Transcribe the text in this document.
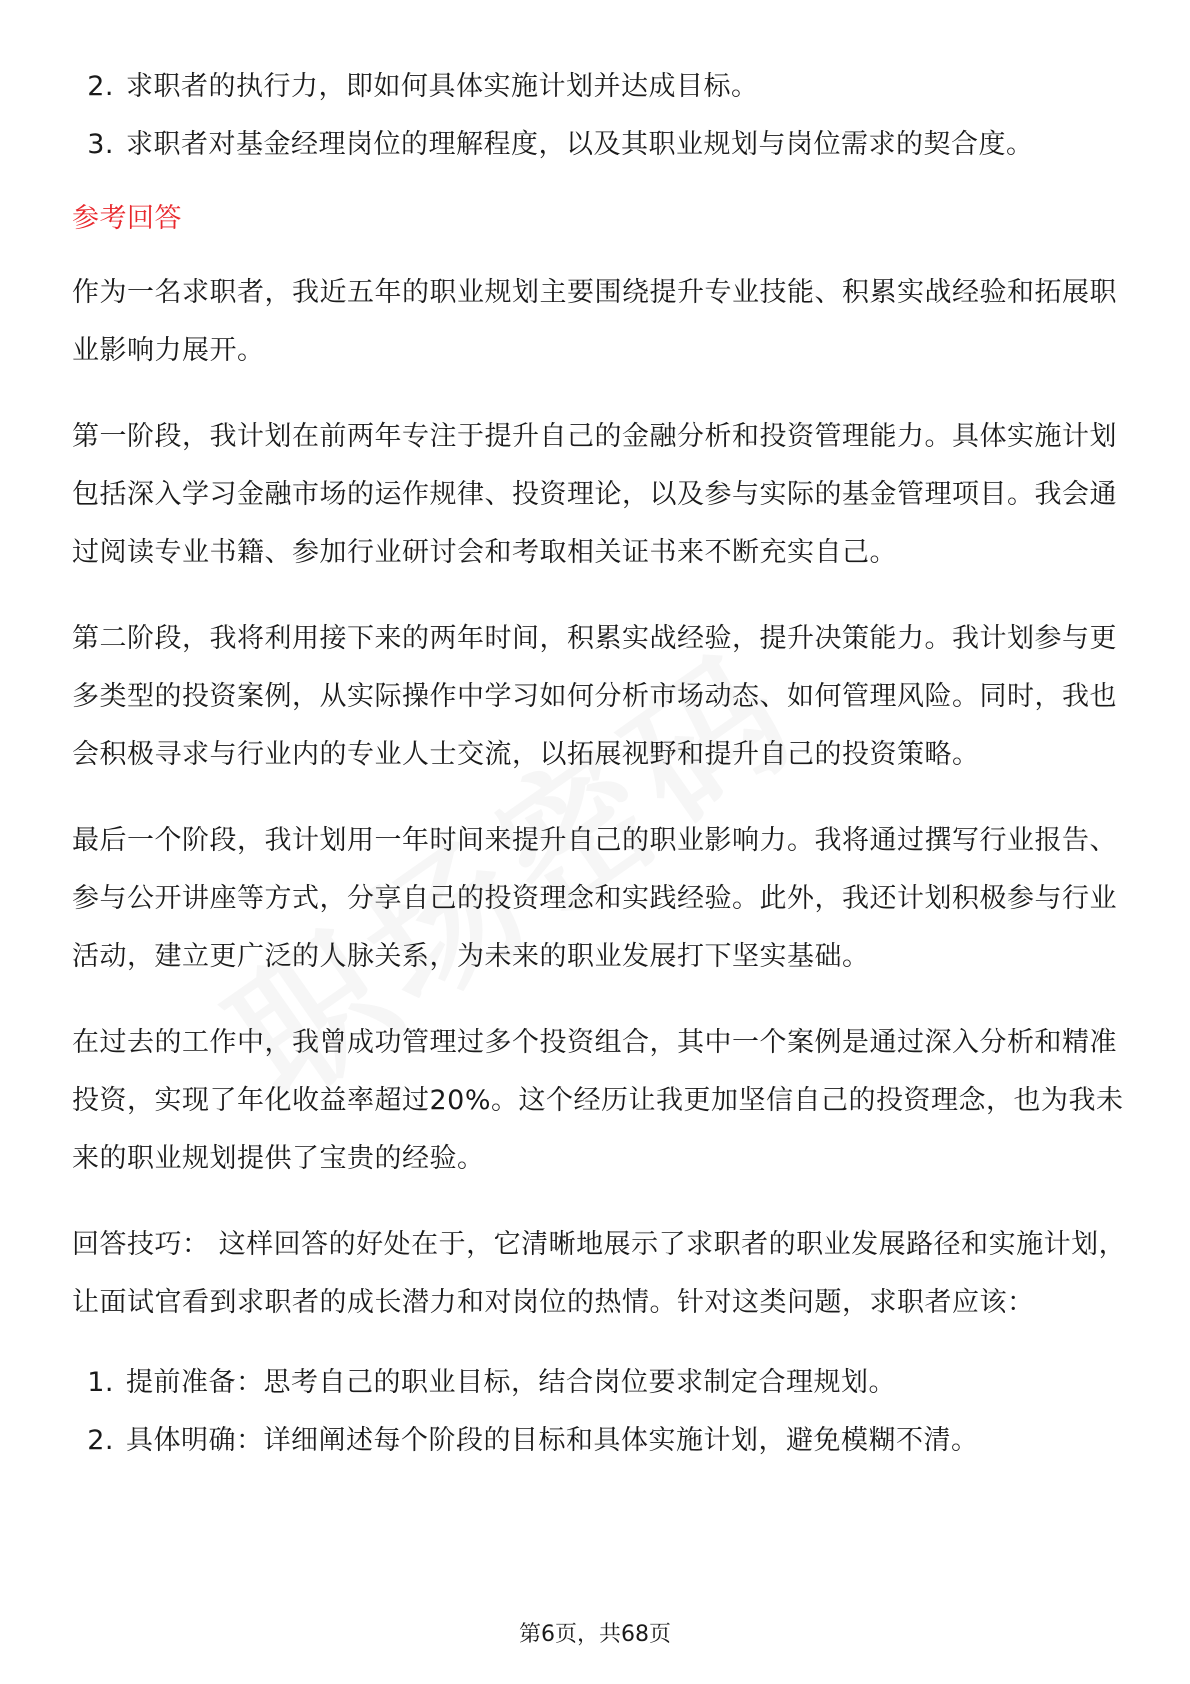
2. 求职者的执行力，即如何具体实施计划并达成目标。
3. 求职者对基金经理岗位的理解程度，以及其职业规划与岗位需求的契合度。
参考回答

作为一名求职者，我近五年的职业规划主要围绕提升专业技能、积累实战经验和拓展职业影响力展开。

第一阶段，我计划在前两年专注于提升自己的金融分析和投资管理能力。具体实施计划包括深入学习金融市场的运作规律、投资理论，以及参与实际的基金管理项目。我会通过阅读专业书籍、参加行业研讨会和考取相关证书来不断充实自己。

第二阶段，我将利用接下来的两年时间，积累实战经验，提升决策能力。我计划参与更多类型的投资案例，从实际操作中学习如何分析市场动态、如何管理风险。同时，我也会积极寻求与行业内的专业人士交流，以拓展视野和提升自己的投资策略。

最后一个阶段，我计划用一年时间来提升自己的职业影响力。我将通过撰写行业报告、参与公开讲座等方式，分享自己的投资理念和实践经验。此外，我还计划积极参与行业活动，建立更广泛的人脉关系，为未来的职业发展打下坚实基础。

在过去的工作中，我曾成功管理过多个投资组合，其中一个案例是通过深入分析和精准投资，实现了年化收益率超过20%。这个经历让我更加坚信自己的投资理念，也为我未来的职业规划提供了宝贵的经验。

回答技巧： 这样回答的好处在于，它清晰地展示了求职者的职业发展路径和实施计划，让面试官看到求职者的成长潜力和对岗位的热情。针对这类问题，求职者应该：

1. 提前准备：思考自己的职业目标，结合岗位要求制定合理规划。
2. 具体明确：详细阐述每个阶段的目标和具体实施计划，避免模糊不清。
第6页，共68页
